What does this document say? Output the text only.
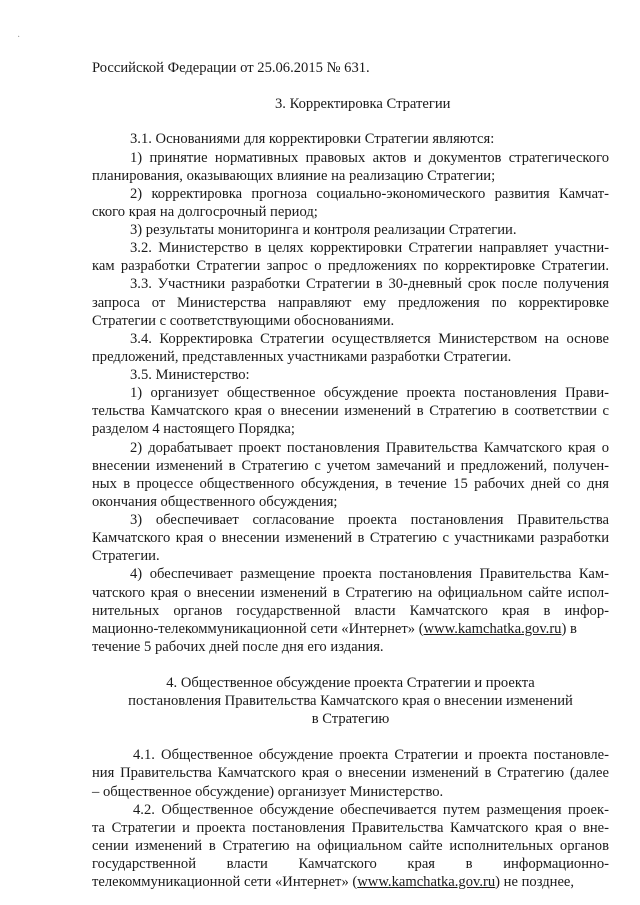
·
Российской Федерации от 25.06.2015 № 631.
3. Корректировка Стратегии
3.1. Основаниями для корректировки Стратегии являются:
1) принятие нормативных правовых актов и документов стратегического
планирования, оказывающих влияние на реализацию Стратегии;
2) корректировка прогноза социально-экономического развития Камчат-
ского края на долгосрочный период;
3) результаты мониторинга и контроля реализации Стратегии.
3.2. Министерство в целях корректировки Стратегии направляет участни-
кам разработки Стратегии запрос о предложениях по корректировке Стратегии.
3.3. Участники разработки Стратегии в 30-дневный срок после получения
запроса от Министерства направляют ему предложения по корректировке
Стратегии с соответствующими обоснованиями.
3.4. Корректировка Стратегии осуществляется Министерством на основе
предложений, представленных участниками разработки Стратегии.
3.5. Министерство:
1) организует общественное обсуждение проекта постановления Прави-
тельства Камчатского края о внесении изменений в Стратегию в соответствии с
разделом 4 настоящего Порядка;
2) дорабатывает проект постановления Правительства Камчатского края о
внесении изменений в Стратегию с учетом замечаний и предложений, получен-
ных в процессе общественного обсуждения, в течение 15 рабочих дней со дня
окончания общественного обсуждения;
3) обеспечивает согласование проекта постановления Правительства
Камчатского края о внесении изменений в Стратегию с участниками разработки
Стратегии.
4) обеспечивает размещение проекта постановления Правительства Кам-
чатского края о внесении изменений в Стратегию на официальном сайте испол-
нительных органов государственной власти Камчатского края в инфор-
мационно-телекоммуникационной сети «Интернет» (www.kamchatka.gov.ru) в
течение 5 рабочих дней после дня его издания.
4. Общественное обсуждение проекта Стратегии и проекта
постановления Правительства Камчатского края о внесении изменений
в Стратегию
4.1. Общественное обсуждение проекта Стратегии и проекта постановле-
ния Правительства Камчатского края о внесении изменений в Стратегию (далее
– общественное обсуждение) организует Министерство.
4.2. Общественное обсуждение обеспечивается путем размещения проек-
та Стратегии и проекта постановления Правительства Камчатского края о вне-
сении изменений в Стратегию на официальном сайте исполнительных органов
государственной власти Камчатского края в информационно-
телекоммуникационной сети «Интернет» (www.kamchatka.gov.ru) не позднее,
